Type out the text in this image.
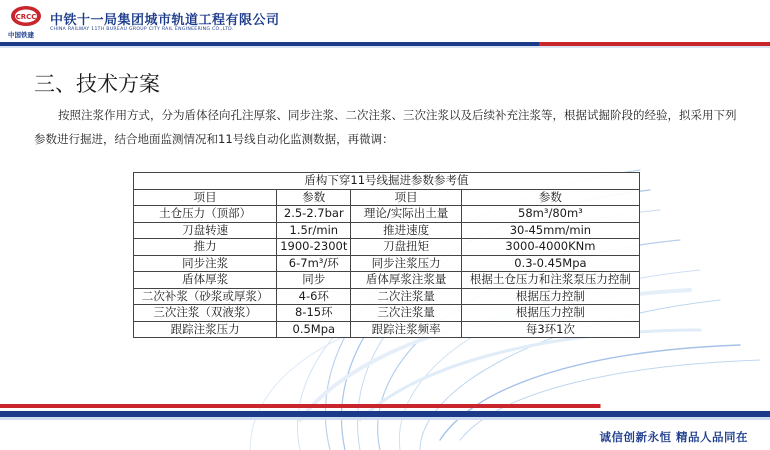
CRCC
中国铁建
中铁十一局集团城市轨道工程有限公司
CHINA RAILWAY 11TH BUREAU GROUP CITY RAIL ENGINEERING CO.,LTD.
三、技术方案
按照注浆作用方式，分为盾体径向孔注厚浆、同步注浆、二次注浆、三次注浆以及后续补充注浆等，根据试掘阶段的经验，拟采用下列参数进行掘进，结合地面监测情况和11号线自动化监测数据，再微调：
盾构下穿11号线掘进参数参考值			
项目	参数	项目	参数
土仓压力（顶部）	2.5-2.7bar	理论/实际出土量	58m³/80m³
刀盘转速	1.5r/min	推进速度	30-45mm/min
推力	1900-2300t	刀盘扭矩	3000-4000KNm
同步注浆	6-7m³/环	同步注浆压力	0.3-0.45Mpa
盾体厚浆	同步	盾体厚浆注浆量	根据土仓压力和注浆泵压力控制
二次补浆（砂浆或厚浆）	4-6环	二次注浆量	根据压力控制
三次注浆（双液浆）	8-15环	三次注浆量	根据压力控制
跟踪注浆压力	0.5Mpa	跟踪注浆频率	每3环1次
诚信创新永恒 精品人品同在
